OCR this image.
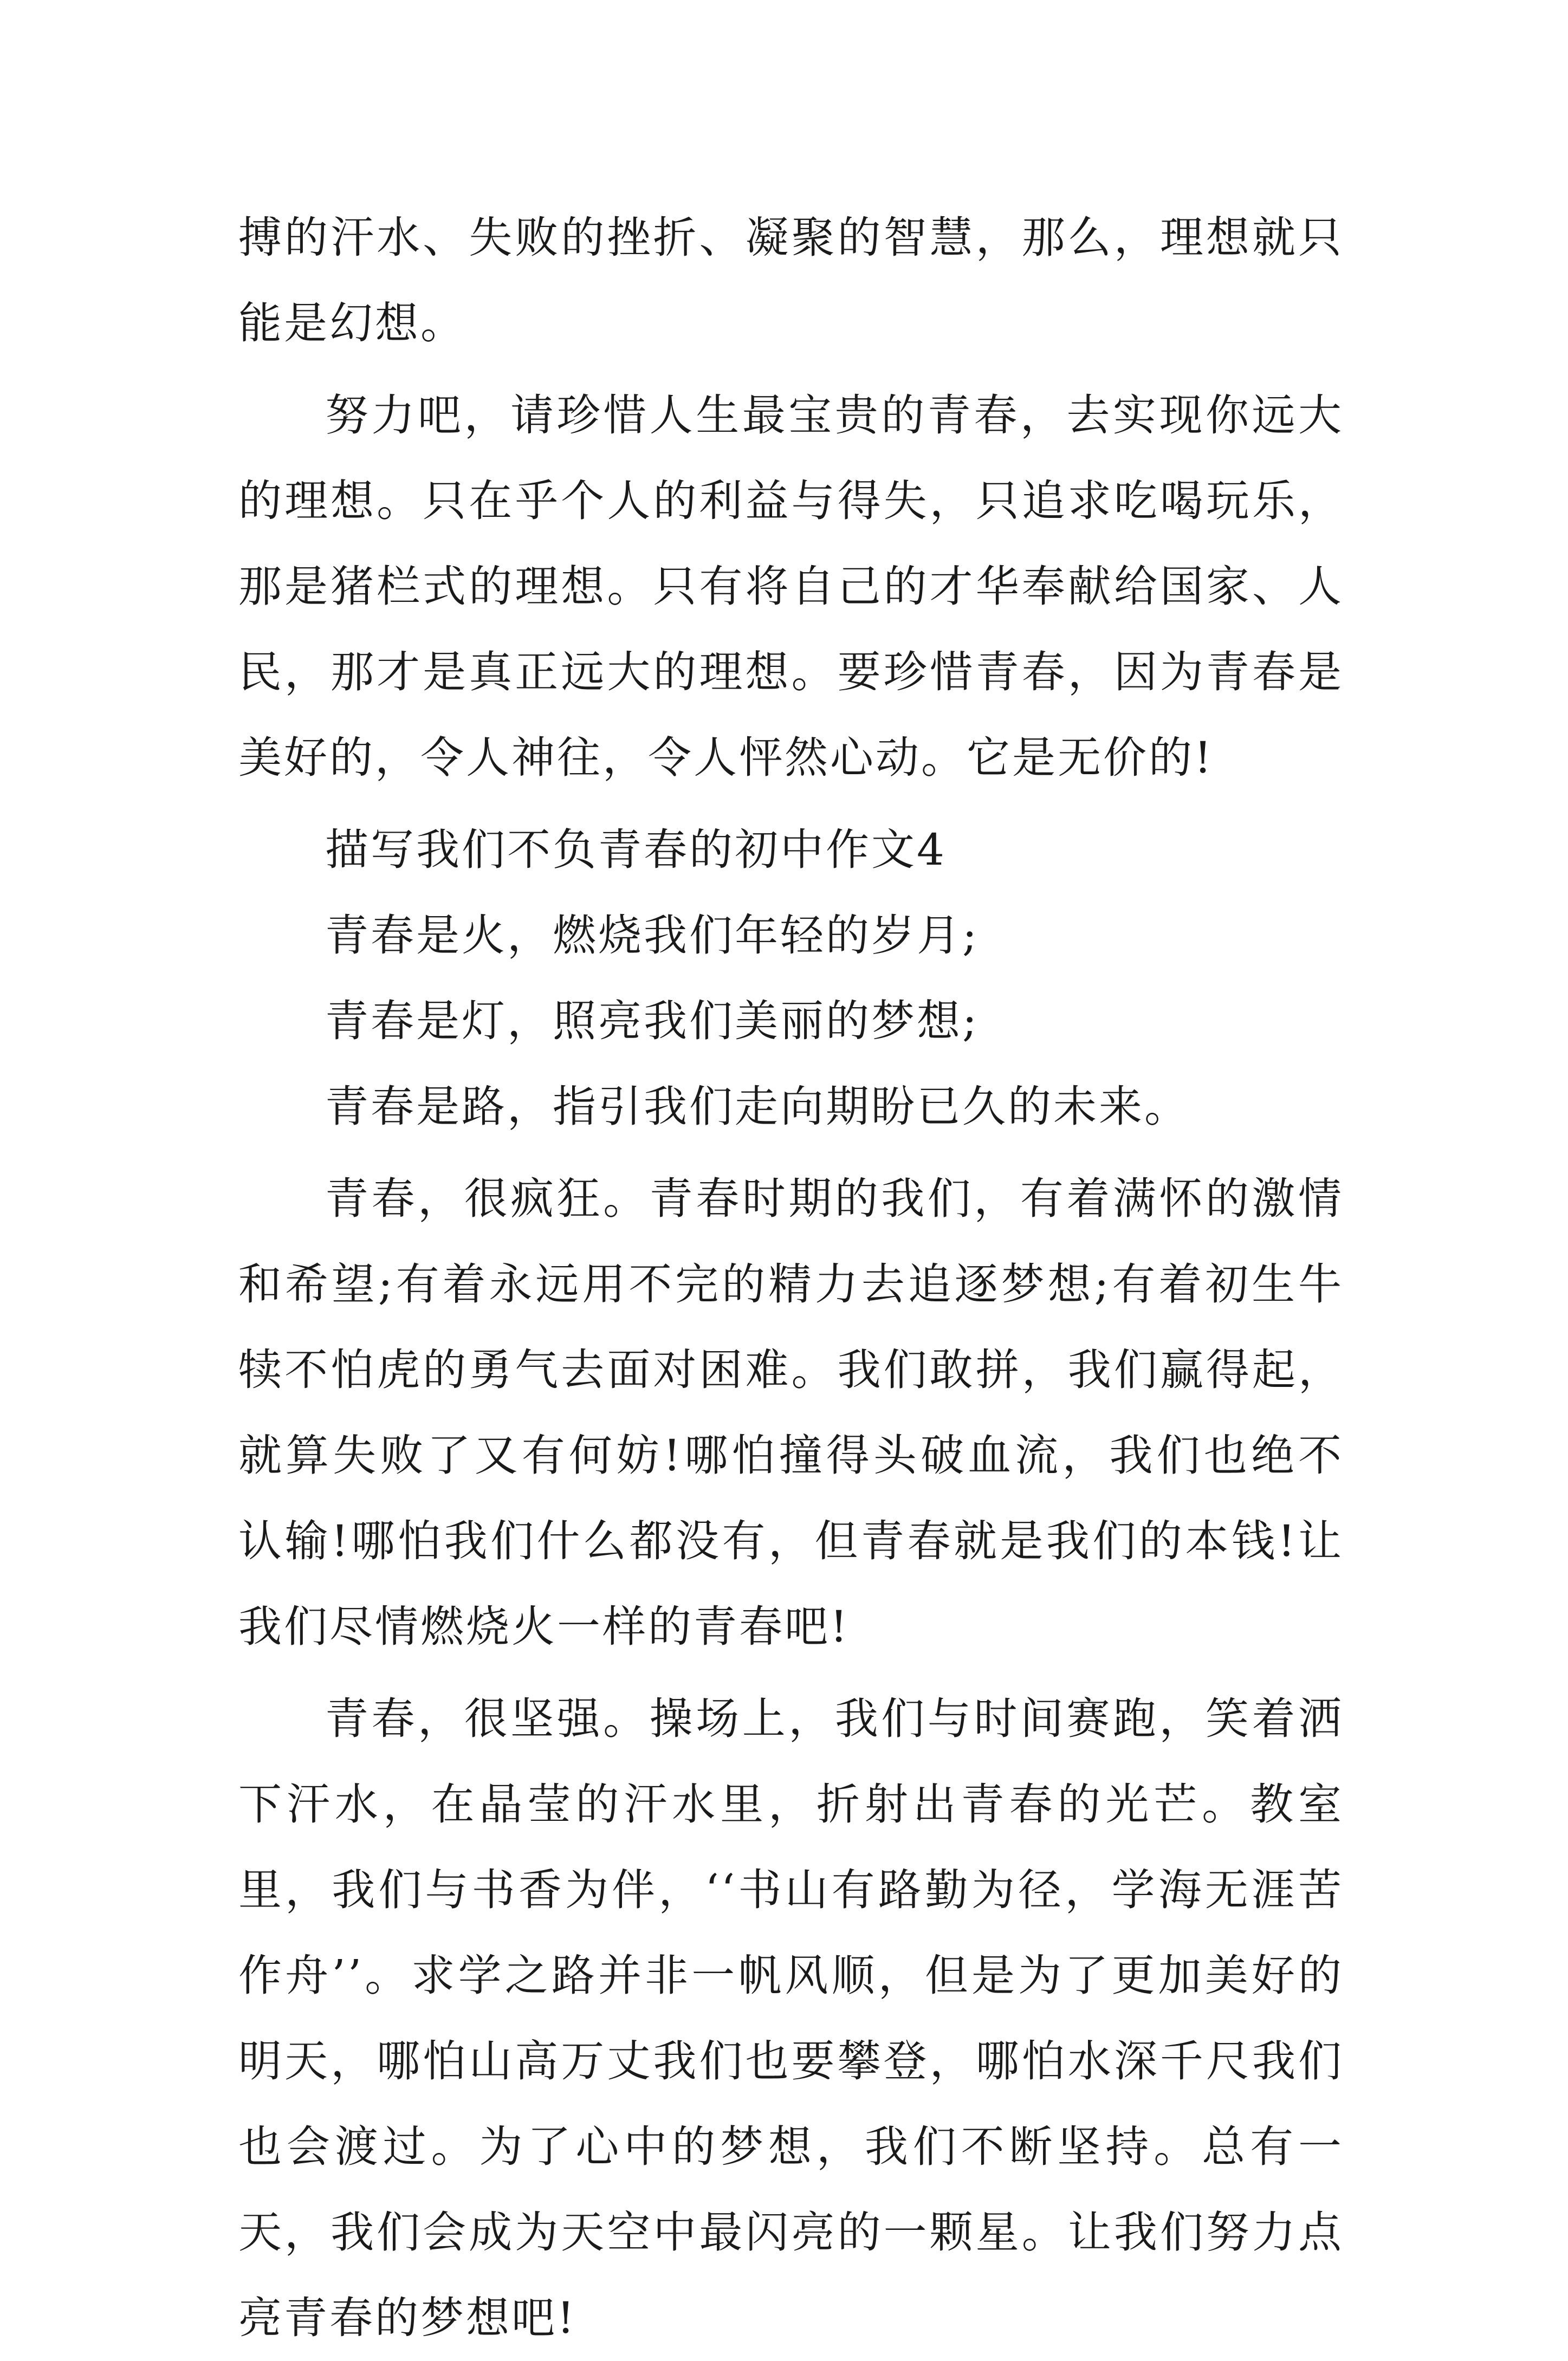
搏的汗水、失败的挫折、凝聚的智慧，那么，理想就只能是幻想。

努力吧，请珍惜人生最宝贵的青春，去实现你远大的理想。只在乎个人的利益与得失，只追求吃喝玩乐，那是猪栏式的理想。只有将自己的才华奉献给国家、人民，那才是真正远大的理想。要珍惜青春，因为青春是美好的，令人神往，令人怦然心动。它是无价的!

描写我们不负青春的初中作文4

青春是火，燃烧我们年轻的岁月;

青春是灯，照亮我们美丽的梦想;

青春是路，指引我们走向期盼已久的未来。

青春，很疯狂。青春时期的我们，有着满怀的激情和希望;有着永远用不完的精力去追逐梦想;有着初生牛犊不怕虎的勇气去面对困难。我们敢拼，我们赢得起，就算失败了又有何妨!哪怕撞得头破血流，我们也绝不认输!哪怕我们什么都没有，但青春就是我们的本钱!让我们尽情燃烧火一样的青春吧!

青春，很坚强。操场上，我们与时间赛跑，笑着洒下汗水，在晶莹的汗水里，折射出青春的光芒。教室里，我们与书香为伴，‘‘书山有路勤为径，学海无涯苦作舟’’。求学之路并非一帆风顺，但是为了更加美好的明天，哪怕山高万丈我们也要攀登，哪怕水深千尺我们也会渡过。为了心中的梦想，我们不断坚持。总有一天，我们会成为天空中最闪亮的一颗星。让我们努力点亮青春的梦想吧!
